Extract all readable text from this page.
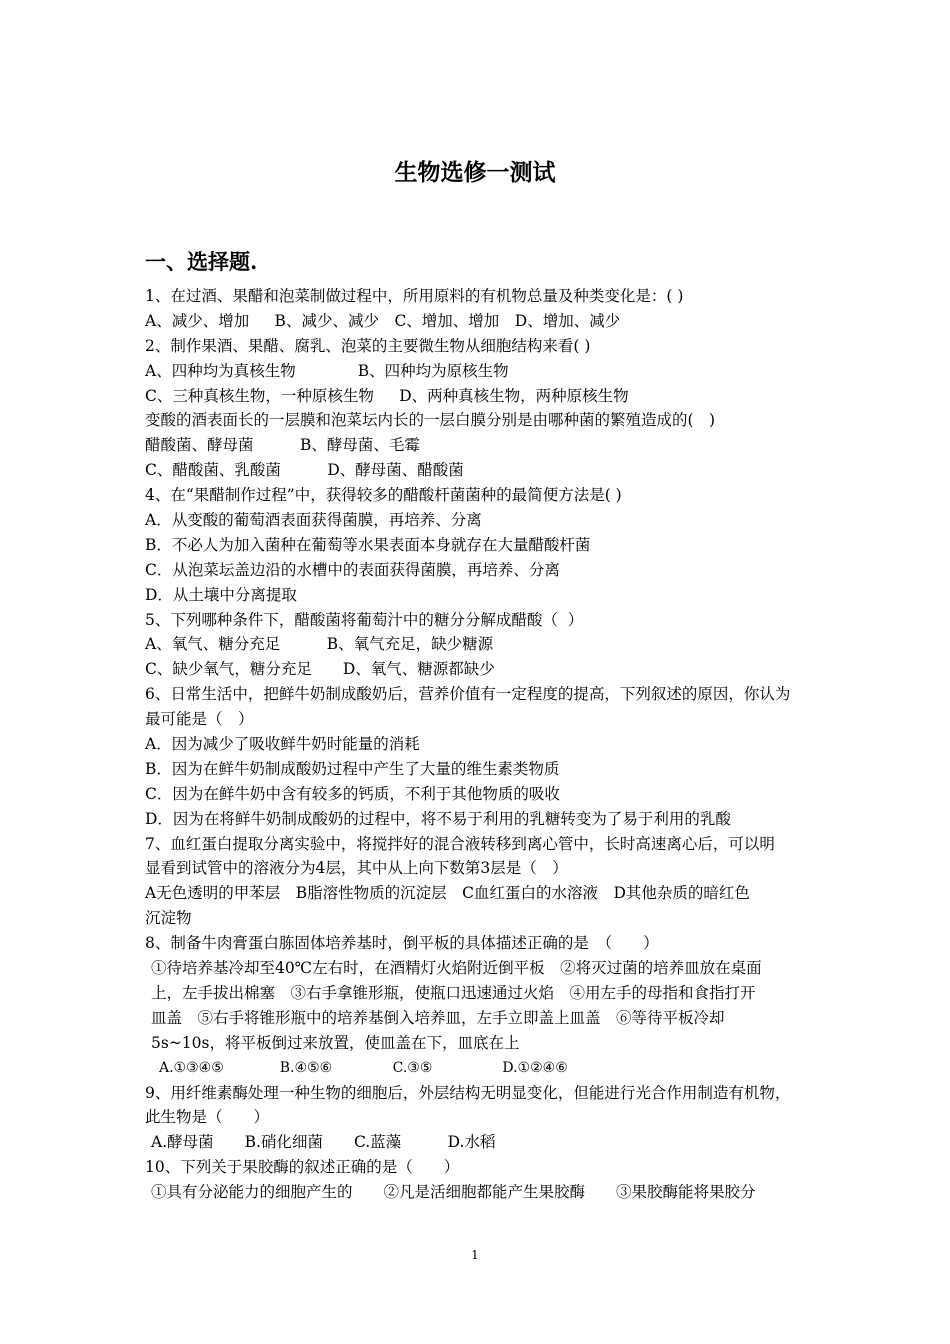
生物选修一测试
一、选择题.
1、在过酒、果醋和泡菜制做过程中，所用原料的有机物总量及种类变化是：( )
A、减少、增加　  B、减少、减少　C、增加、增加　D、增加、减少
2、制作果酒、果醋、腐乳、泡菜的主要微生物从细胞结构来看( )
A、四种均为真核生物　　　　B、四种均为原核生物
C、三种真核生物，一种原核生物　  D、两种真核生物，两种原核生物
变酸的酒表面长的一层膜和泡菜坛内长的一层白膜分别是由哪种菌的繁殖造成的(　)
醋酸菌、酵母菌　　　B、酵母菌、毛霉
C、醋酸菌、乳酸菌　　　D、酵母菌、醋酸菌
4、在“果醋制作过程”中，获得较多的醋酸杆菌菌种的最简便方法是( )
A．从变酸的葡萄酒表面获得菌膜，再培养、分离
B．不必人为加入菌种在葡萄等水果表面本身就存在大量醋酸杆菌
C．从泡菜坛盖边沿的水槽中的表面获得菌膜，再培养、分离
D．从土壤中分离提取
5、下列哪种条件下，醋酸菌将葡萄汁中的糖分分解成醋酸（  ）
A、氧气、糖分充足　　　B、氧气充足，缺少糖源
C、缺少氧气，糖分充足　　D、氧气、糖源都缺少
6、日常生活中，把鲜牛奶制成酸奶后，营养价值有一定程度的提高，下列叙述的原因，你认为
最可能是（　）
A．因为减少了吸收鲜牛奶时能量的消耗
B．因为在鲜牛奶制成酸奶过程中产生了大量的维生素类物质
C．因为在鲜牛奶中含有较多的钙质，不利于其他物质的吸收
D．因为在将鲜牛奶制成酸奶的过程中，将不易于利用的乳糖转变为了易于利用的乳酸
7、血红蛋白提取分离实验中，将搅拌好的混合液转移到离心管中，长时高速离心后，可以明
显看到试管中的溶液分为4层，其中从上向下数第3层是（　）
A无色透明的甲苯层　B脂溶性物质的沉淀层　C血红蛋白的水溶液　D其他杂质的暗红色
沉淀物
8、制备牛肉膏蛋白胨固体培养基时，倒平板的具体描述正确的是　（　　）
①待培养基冷却至40℃左右时，在酒精灯火焰附近倒平板　②将灭过菌的培养皿放在桌面
上，左手拔出棉塞　③右手拿锥形瓶，使瓶口迅速通过火焰　④用左手的母指和食指打开
皿盖　⑤右手将锥形瓶中的培养基倒入培养皿，左手立即盖上皿盖　⑥等待平板冷却
5s~10s，将平板倒过来放置，使皿盖在下，皿底在上
A.①③④⑤　　　　B.④⑤⑥　　　　 C.③⑤　　　　　D.①②④⑥
9、用纤维素酶处理一种生物的细胞后，外层结构无明显变化，但能进行光合作用制造有机物，
此生物是（　　）
A.酵母菌　　B.硝化细菌　　C.蓝藻　　　D.水稻
10、下列关于果胶酶的叙述正确的是（　　）
①具有分泌能力的细胞产生的　　②凡是活细胞都能产生果胶酶　　③果胶酶能将果胶分
1
